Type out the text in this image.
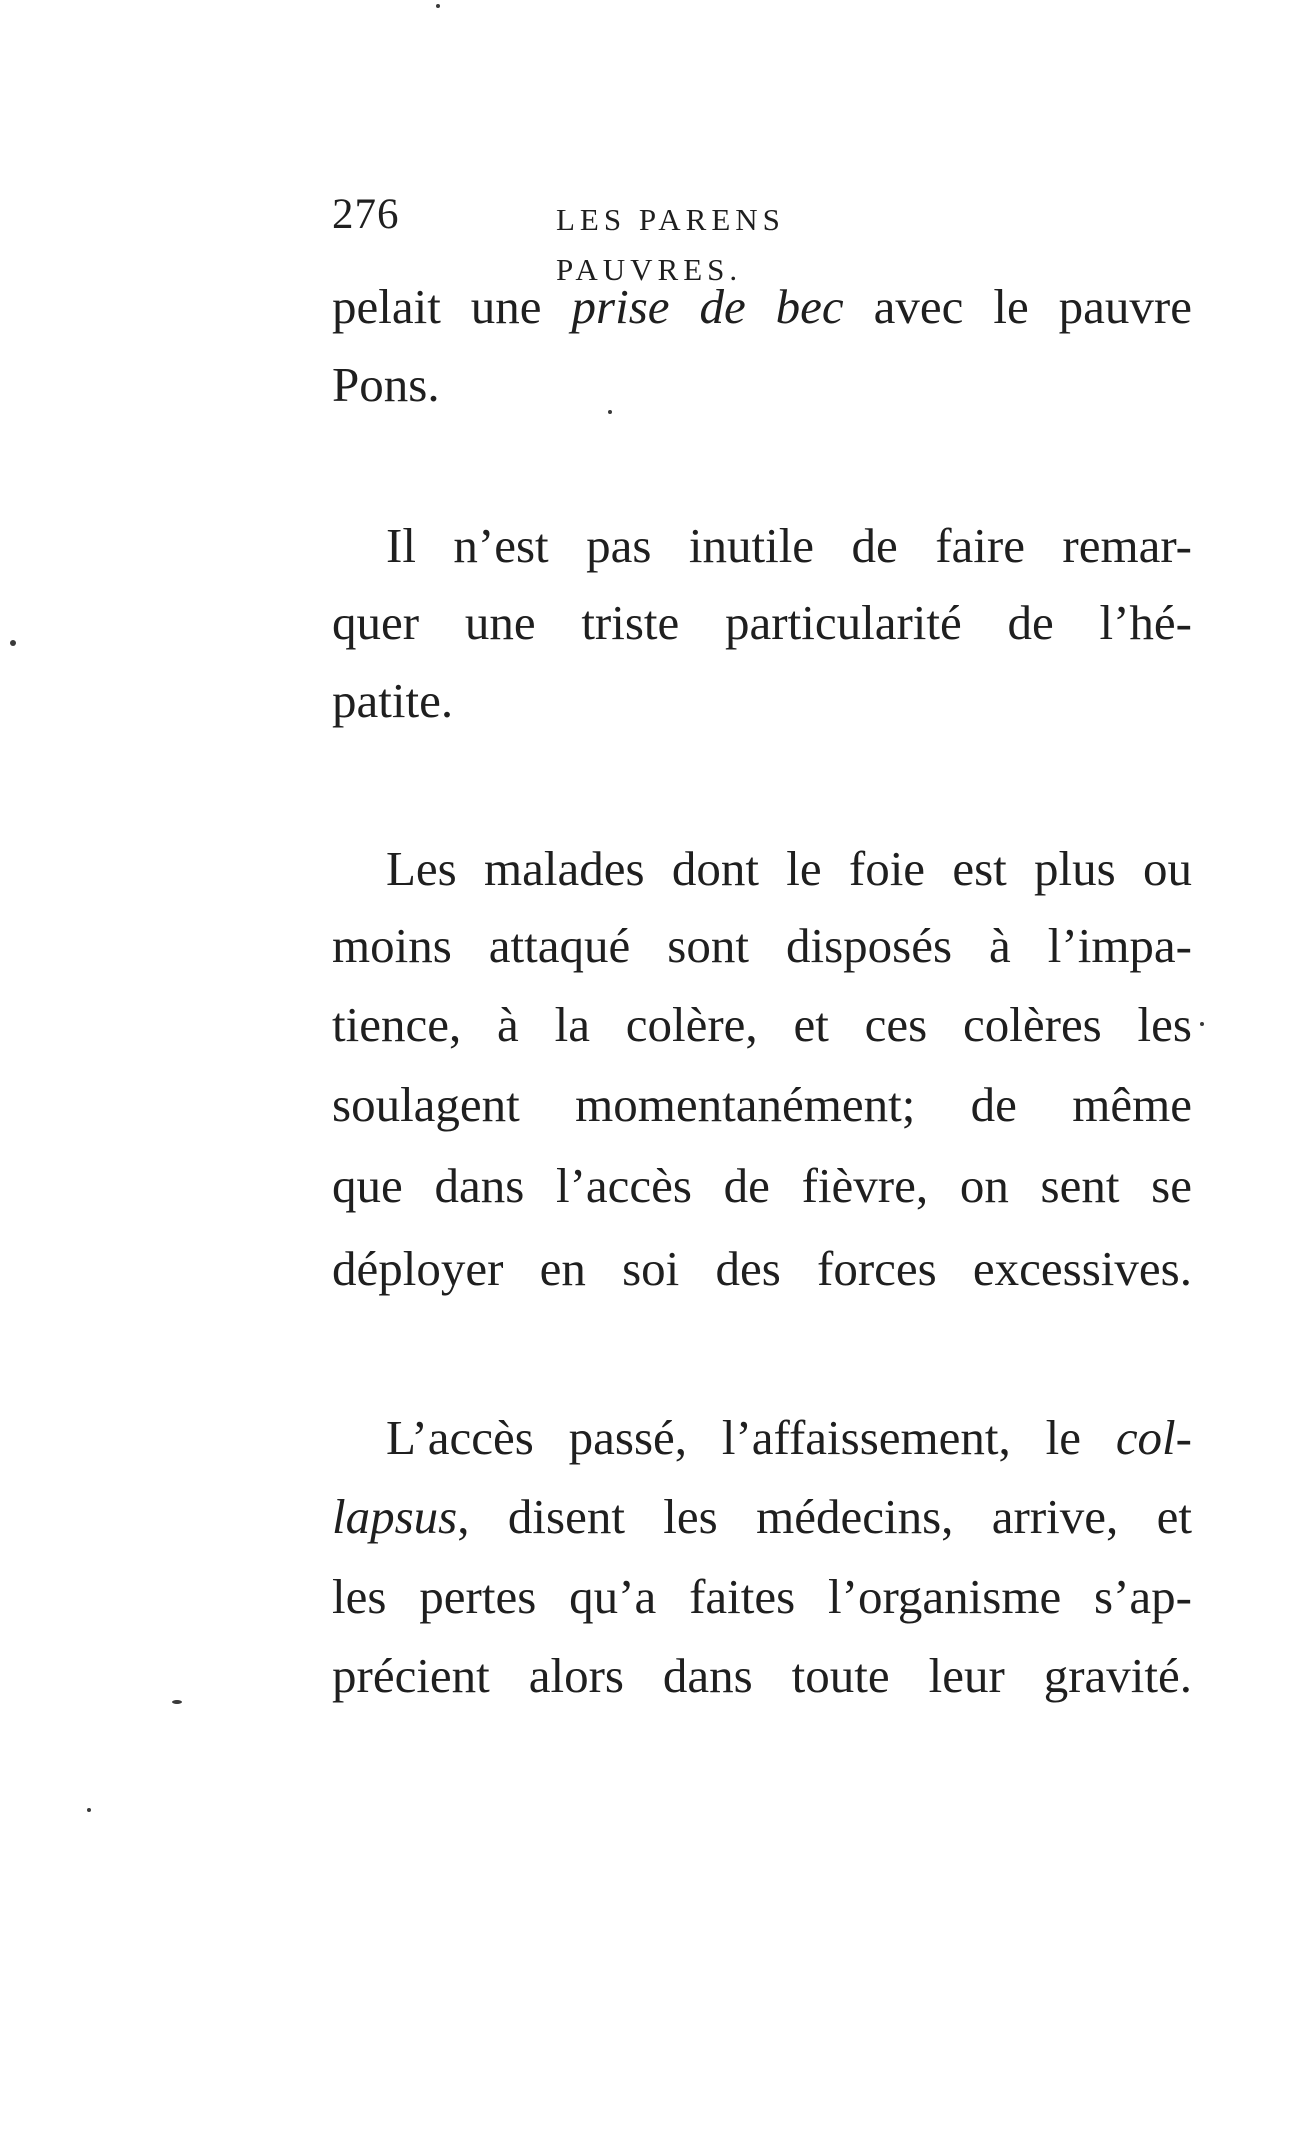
276	LES PARENS PAUVRES.
pelait une prise de bec avec le pauvre
Pons.
Il n’est pas inutile de faire remar-
quer une triste particularité de l’hé-
patite.
Les malades dont le foie est plus ou
moins attaqué sont disposés à l’impa-
tience, à la colère, et ces colères les
soulagent momentanément; de même
que dans l’accès de fièvre, on sent se
déployer en soi des forces excessives.
L’accès passé, l’affaissement, le col-
lapsus, disent les médecins, arrive, et
les pertes qu’a faites l’organisme s’ap-
précient alors dans toute leur gravité.
